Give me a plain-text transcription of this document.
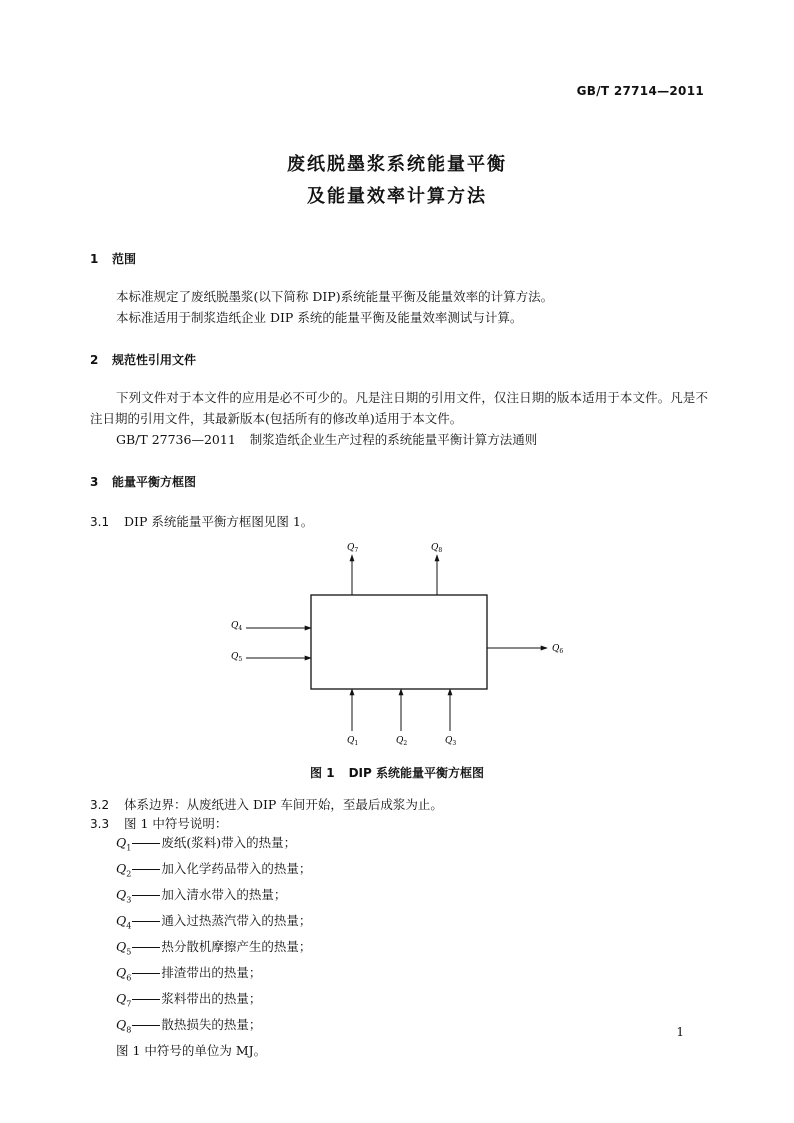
GB/T 27714—2011
废纸脱墨浆系统能量平衡
及能量效率计算方法
1 范围
本标准规定了废纸脱墨浆(以下简称 DIP)系统能量平衡及能量效率的计算方法。
本标准适用于制浆造纸企业 DIP 系统的能量平衡及能量效率测试与计算。
2 规范性引用文件
下列文件对于本文件的应用是必不可少的。凡是注日期的引用文件，仅注日期的版本适用于本文件。凡是不注日期的引用文件，其最新版本(包括所有的修改单)适用于本文件。
GB/T 27736—2011 制浆造纸企业生产过程的系统能量平衡计算方法通则
3 能量平衡方框图
3.1 DIP 系统能量平衡方框图见图 1。
$Q_7$	$Q_8$
$Q_4$
$Q_5$
$Q_6$
$Q_1$	$Q_2$	$Q_3$
图 1 DIP 系统能量平衡方框图
3.2 体系边界：从废纸进入 DIP 车间开始，至最后成浆为止。
3.3 图 1 中符号说明：
$Q_1$ 废纸(浆料)带入的热量；
$Q_2$ 加入化学药品带入的热量；
$Q_3$ 加入清水带入的热量；
$Q_4$ 通入过热蒸汽带入的热量；
$Q_5$ 热分散机摩擦产生的热量；
$Q_6$ 排渣带出的热量；
$Q_7$ 浆料带出的热量；
$Q_8$ 散热损失的热量；
图 1 中符号的单位为 MJ。
1
